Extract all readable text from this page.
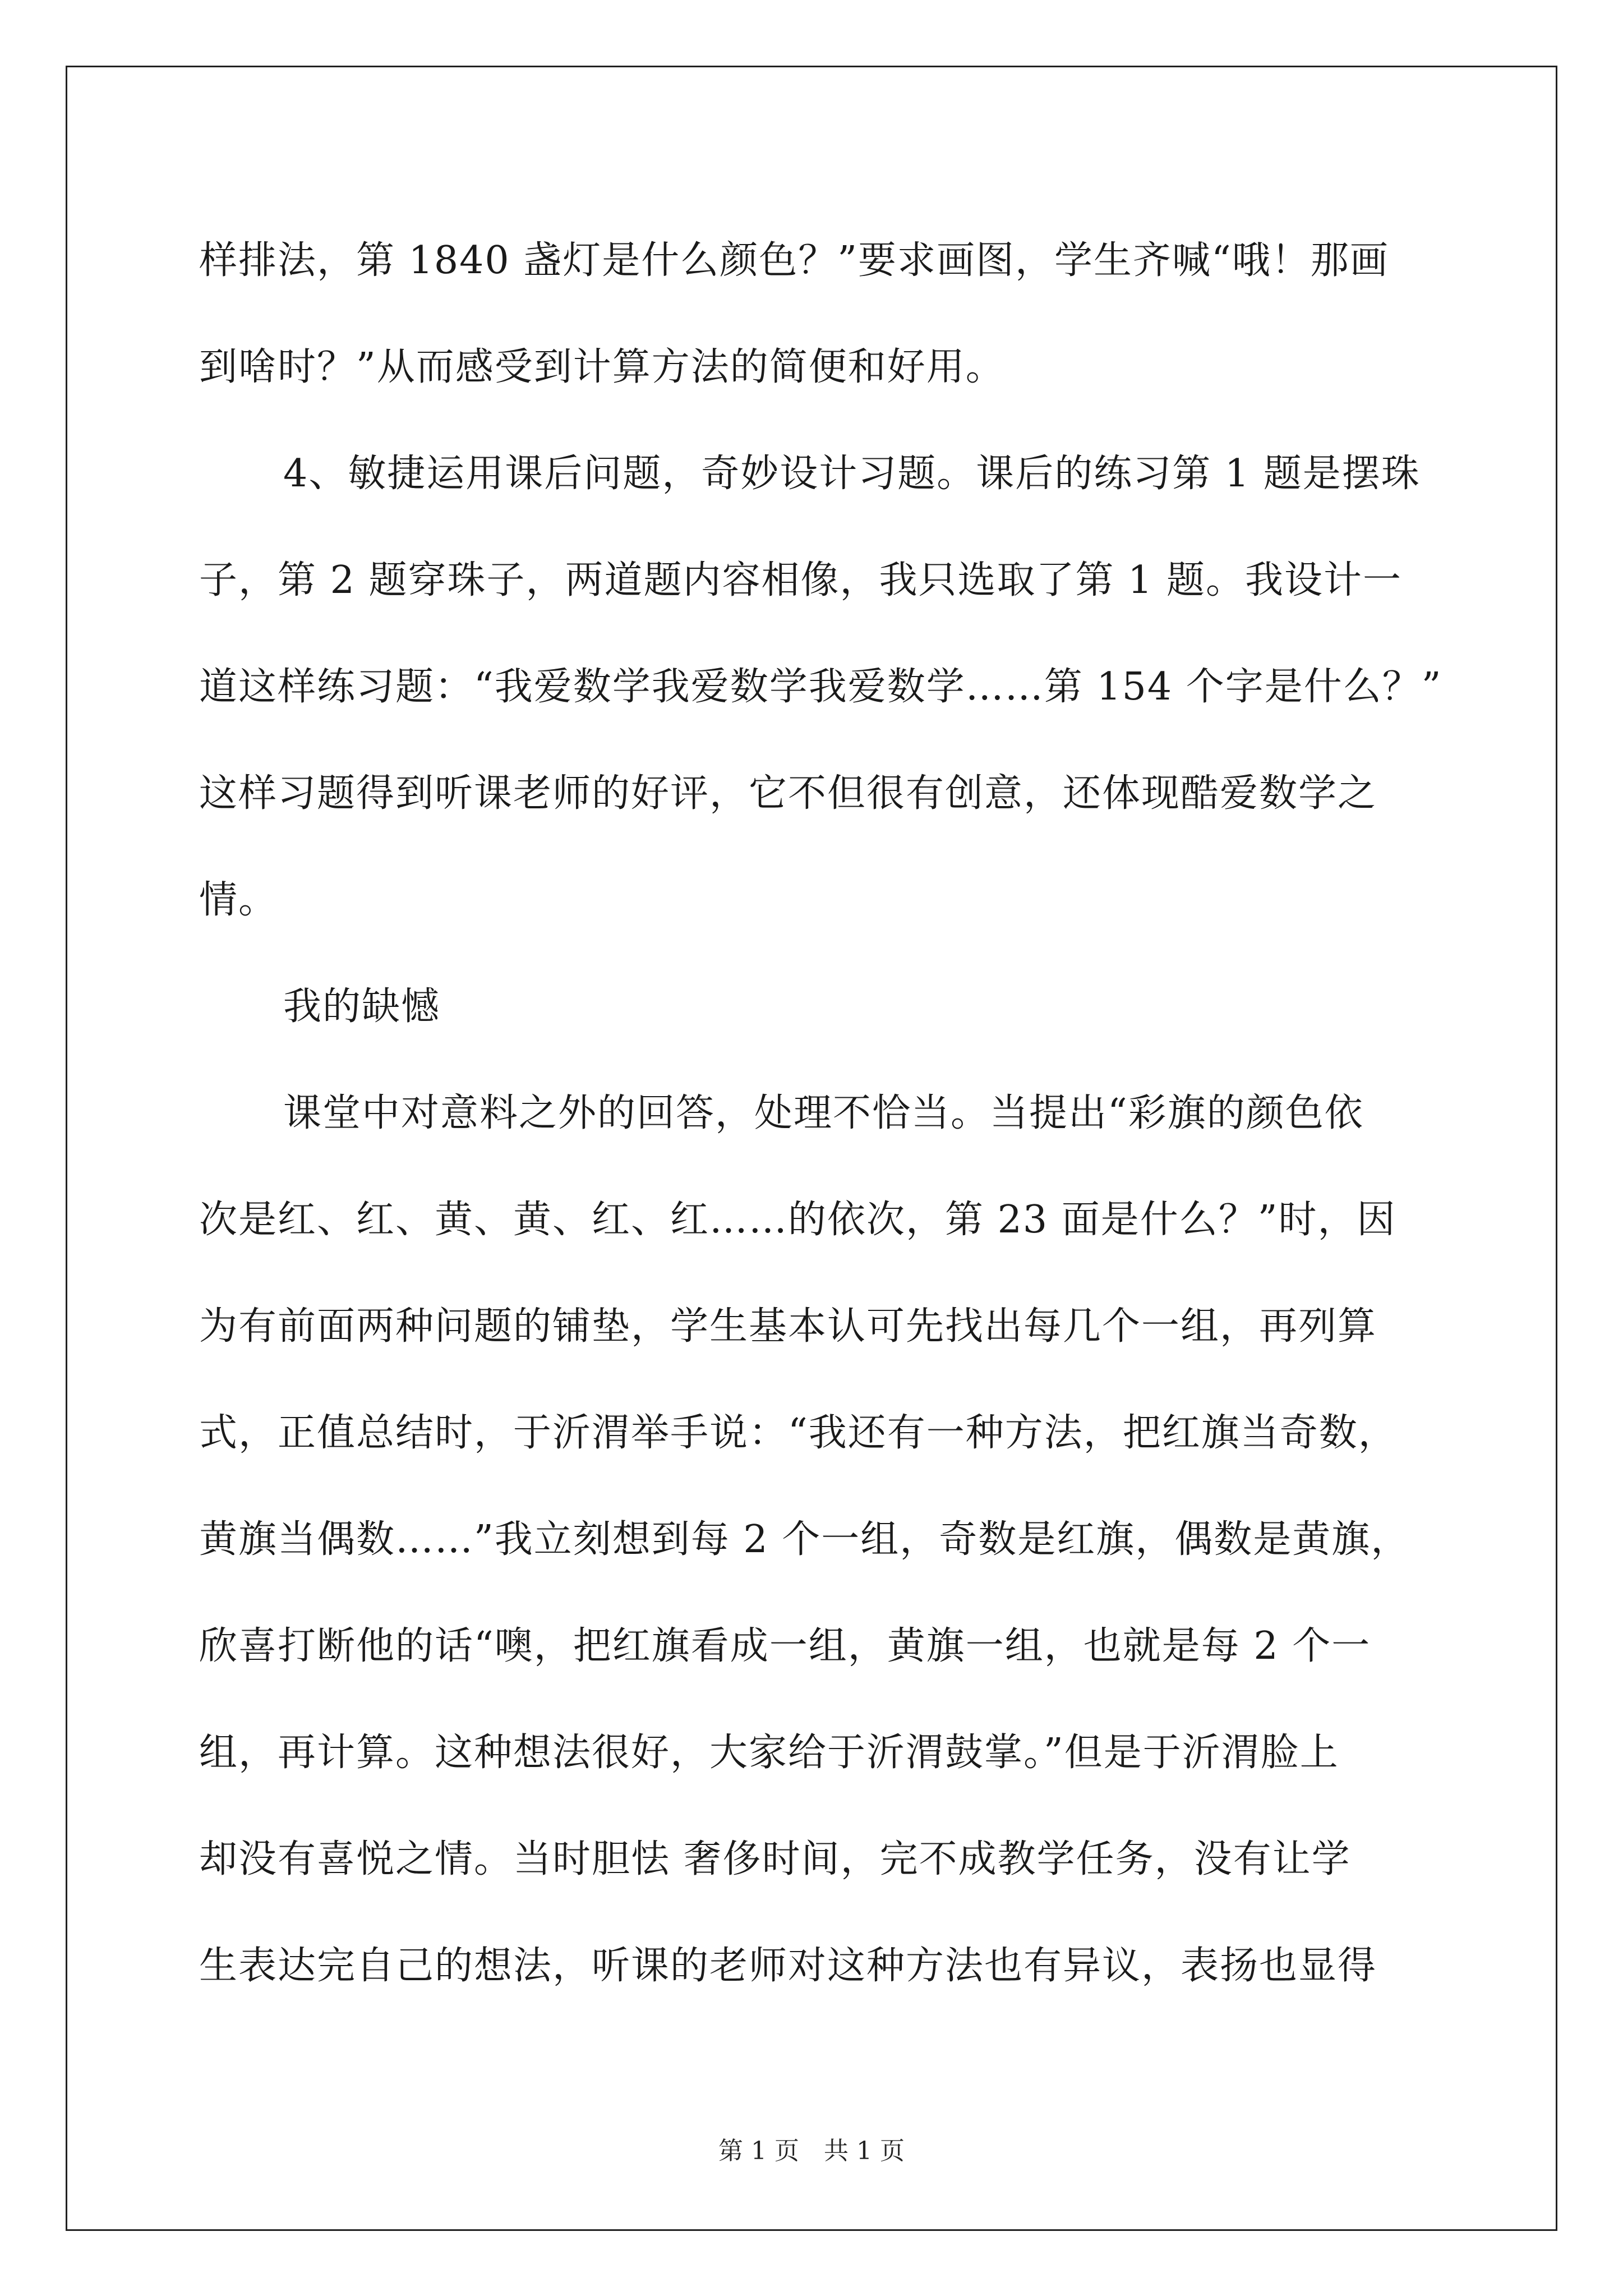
样排法，第 1840 盏灯是什么颜色？”要求画图，学生齐喊“哦！那画
到啥时？”从而感受到计算方法的简便和好用。
4、敏捷运用课后问题，奇妙设计习题。课后的练习第 1 题是摆珠
子，第 2 题穿珠子，两道题内容相像，我只选取了第 1 题。我设计一
道这样练习题：“我爱数学我爱数学我爱数学……第 154 个字是什么？”
这样习题得到听课老师的好评，它不但很有创意，还体现酷爱数学之
情。
我的缺憾
课堂中对意料之外的回答，处理不恰当。当提出“彩旗的颜色依
次是红、红、黄、黄、红、红……的依次，第 23 面是什么？”时，因
为有前面两种问题的铺垫，学生基本认可先找出每几个一组，再列算
式，正值总结时，于沂渭举手说：“我还有一种方法，把红旗当奇数，
黄旗当偶数……”我立刻想到每 2 个一组，奇数是红旗，偶数是黄旗，
欣喜打断他的话“噢，把红旗看成一组，黄旗一组，也就是每 2 个一
组，再计算。这种想法很好，大家给于沂渭鼓掌。”但是于沂渭脸上
却没有喜悦之情。当时胆怯 奢侈时间，完不成教学任务，没有让学
生表达完自己的想法，听课的老师对这种方法也有异议，表扬也显得
第 1 页　共 1 页
